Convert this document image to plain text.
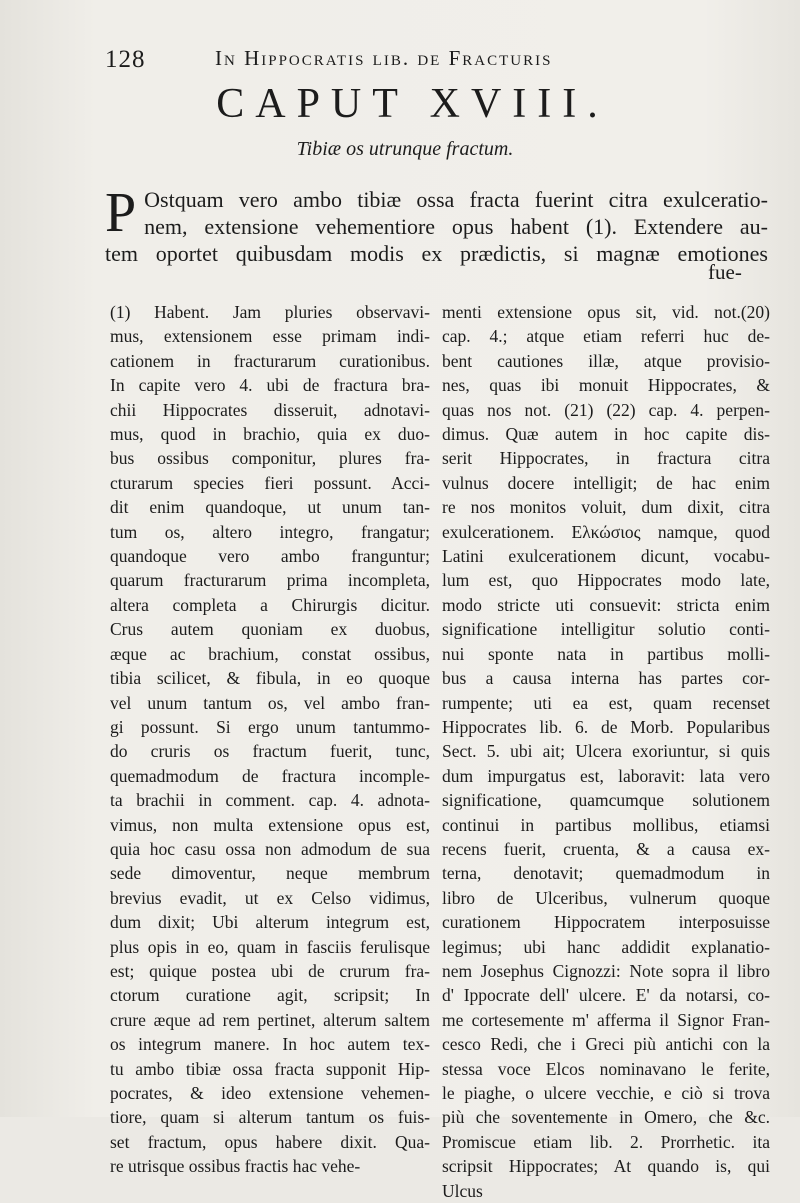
128	In Hippocratis lib. de Fracturis
CAPUT XVIII.
Tibiæ os utrunque fractum.
P Ostquam vero ambo tibiæ ossa fracta fuerint citra exulceratio-
nem, extensione vehementiore opus habent (1). Extendere au-
tem oportet quibusdam modis ex prædictis, si magnæ emotiones
fue-
(1) Habent. Jam pluries observavi-
mus, extensionem esse primam indi-
cationem in fracturarum curationibus.
In capite vero 4. ubi de fractura bra-
chii Hippocrates disseruit, adnotavi-
mus, quod in brachio, quia ex duo-
bus ossibus componitur, plures fra-
cturarum species fieri possunt. Acci-
dit enim quandoque, ut unum tan-
tum os, altero integro, frangatur;
quandoque vero ambo franguntur;
quarum fracturarum prima incompleta,
altera completa a Chirurgis dicitur.
Crus autem quoniam ex duobus,
æque ac brachium, constat ossibus,
tibia scilicet, & fibula, in eo quoque
vel unum tantum os, vel ambo fran-
gi possunt. Si ergo unum tantummo-
do cruris os fractum fuerit, tunc,
quemadmodum de fractura incomple-
ta brachii in comment. cap. 4. adnota-
vimus, non multa extensione opus est,
quia hoc casu ossa non admodum de sua
sede dimoventur, neque membrum
brevius evadit, ut ex Celso vidimus,
dum dixit; Ubi alterum integrum est,
plus opis in eo, quam in fasciis ferulisque
est; quique postea ubi de crurum fra-
ctorum curatione agit, scripsit; In
crure æque ad rem pertinet, alterum saltem
os integrum manere. In hoc autem tex-
tu ambo tibiæ ossa fracta supponit Hip-
pocrates, & ideo extensione vehemen-
tiore, quam si alterum tantum os fuis-
set fractum, opus habere dixit. Qua-
re utrisque ossibus fractis hac vehe-
menti extensione opus sit, vid. not.(20)
cap. 4.; atque etiam referri huc de-
bent cautiones illæ, atque provisio-
nes, quas ibi monuit Hippocrates, &
quas nos not. (21) (22) cap. 4. perpen-
dimus. Quæ autem in hoc capite dis-
serit Hippocrates, in fractura citra
vulnus docere intelligit; de hac enim
re nos monitos voluit, dum dixit, citra
exulcerationem. Ελκώσιος namque, quod
Latini exulcerationem dicunt, vocabu-
lum est, quo Hippocrates modo late,
modo stricte uti consuevit: stricta enim
significatione intelligitur solutio conti-
nui sponte nata in partibus molli-
bus a causa interna has partes cor-
rumpente; uti ea est, quam recenset
Hippocrates lib. 6. de Morb. Popularibus
Sect. 5. ubi ait; Ulcera exoriuntur, si quis
dum impurgatus est, laboravit: lata vero
significatione, quamcumque solutionem
continui in partibus mollibus, etiamsi
recens fuerit, cruenta, & a causa ex-
terna, denotavit; quemadmodum in
libro de Ulceribus, vulnerum quoque
curationem Hippocratem interposuisse
legimus; ubi hanc addidit explanatio-
nem Josephus Cignozzi: Note sopra il libro
d' Ippocrate dell' ulcere. E' da notarsi, co-
me cortesemente m' afferma il Signor Fran-
cesco Redi, che i Greci più antichi con la
stessa voce Elcos nominavano le ferite,
le piaghe, o ulcere vecchie, e ciò si trova
più che soventemente in Omero, che &c.
Promiscue etiam lib. 2. Prorrhetic. ita
scripsit Hippocrates; At quando is, qui
Ulcus
